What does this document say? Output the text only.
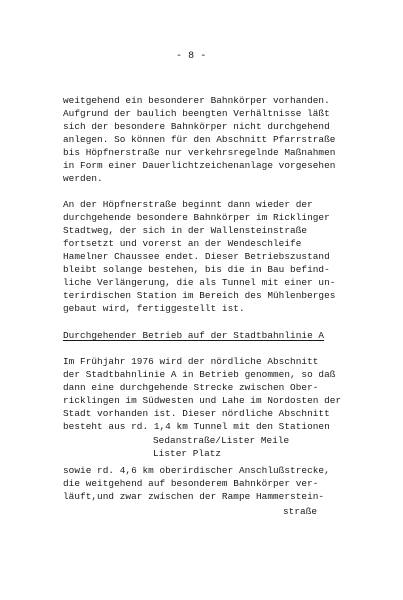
- 8 -
weitgehend ein besonderer Bahnkörper vorhanden.
Aufgrund der baulich beengten Verhältnisse läßt
sich der besondere Bahnkörper nicht durchgehend
anlegen. So können für den Abschnitt Pfarrstraße
bis Höpfnerstraße nur verkehrsregelnde Maßnahmen
in Form einer Dauerlichtzeichenanlage vorgesehen
werden.
An der Höpfnerstraße beginnt dann wieder der
durchgehende besondere Bahnkörper im Ricklinger
Stadtweg, der sich in der Wallensteinstraße
fortsetzt und vorerst an der Wendeschleife
Hamelner Chaussee endet. Dieser Betriebszustand
bleibt solange bestehen, bis die in Bau befind-
liche Verlängerung, die als Tunnel mit einer un-
terirdischen Station im Bereich des Mühlenberges
gebaut wird, fertiggestellt ist.
Durchgehender Betrieb auf der Stadtbahnlinie A
Im Frühjahr 1976 wird der nördliche Abschnitt
der Stadtbahnlinie A in Betrieb genommen, so daß
dann eine durchgehende Strecke zwischen Ober-
ricklingen im Südwesten und Lahe im Nordosten der
Stadt vorhanden ist. Dieser nördliche Abschnitt
besteht aus rd. 1,4 km Tunnel mit den Stationen
Sedanstraße/Lister Meile
Lister Platz
sowie rd. 4,6 km oberirdischer Anschlußstrecke,
die weitgehend auf besonderem Bahnkörper ver-
läuft,und zwar zwischen der Rampe Hammerstein-
straße
